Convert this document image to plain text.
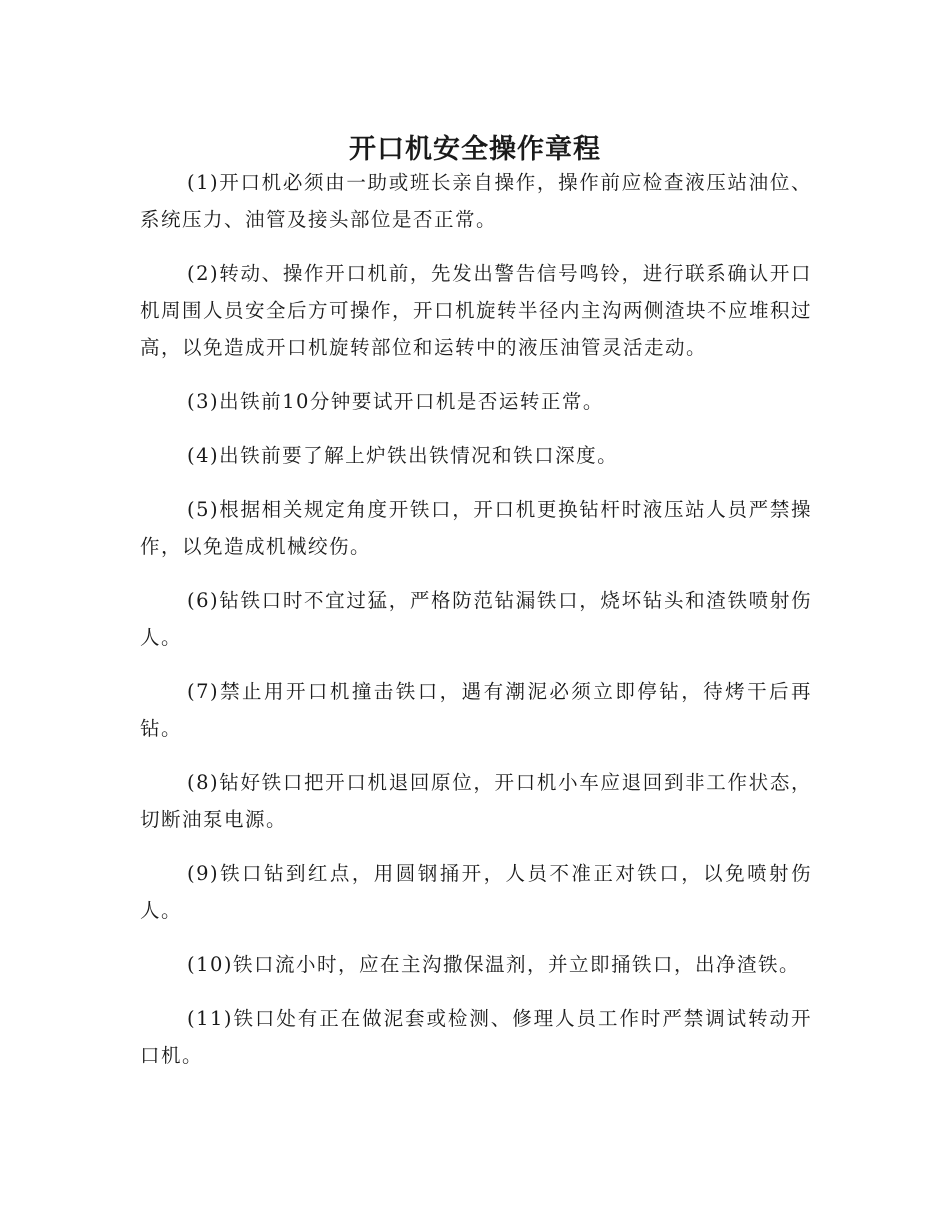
开口机安全操作章程

(1)开口机必须由一助或班长亲自操作，操作前应检查液压站油位、系统压力、油管及接头部位是否正常。

(2)转动、操作开口机前，先发出警告信号鸣铃，进行联系确认开口机周围人员安全后方可操作，开口机旋转半径内主沟两侧渣块不应堆积过高，以免造成开口机旋转部位和运转中的液压油管灵活走动。

(3)出铁前10分钟要试开口机是否运转正常。

(4)出铁前要了解上炉铁出铁情况和铁口深度。

(5)根据相关规定角度开铁口，开口机更换钻杆时液压站人员严禁操作，以免造成机械绞伤。

(6)钻铁口时不宜过猛，严格防范钻漏铁口，烧坏钻头和渣铁喷射伤人。

(7)禁止用开口机撞击铁口，遇有潮泥必须立即停钻，待烤干后再钻。

(8)钻好铁口把开口机退回原位，开口机小车应退回到非工作状态，切断油泵电源。

(9)铁口钻到红点，用圆钢捅开，人员不准正对铁口，以免喷射伤人。

(10)铁口流小时，应在主沟撒保温剂，并立即捅铁口，出净渣铁。

(11)铁口处有正在做泥套或检测、修理人员工作时严禁调试转动开口机。
